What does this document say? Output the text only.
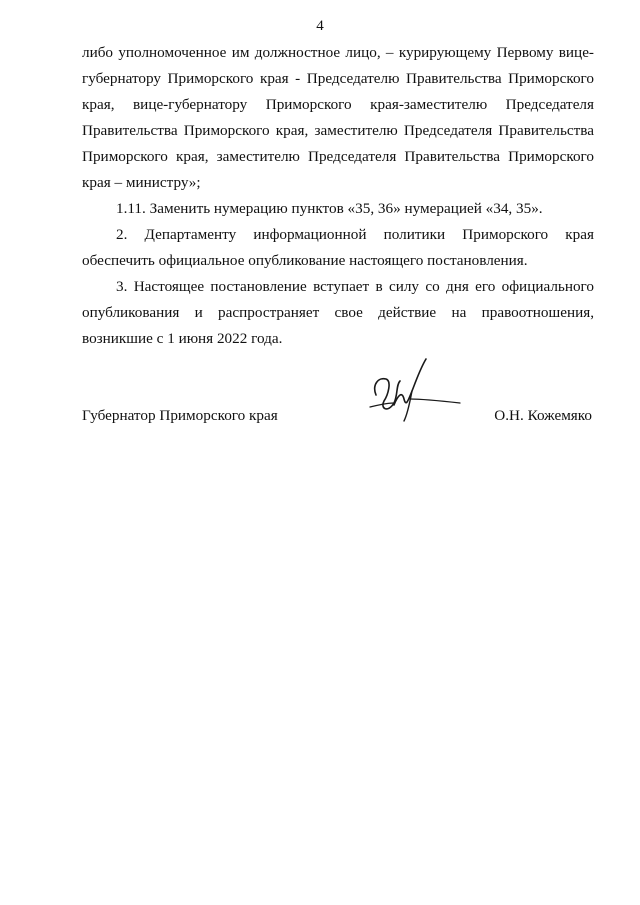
4

либо уполномоченное им должностное лицо, – курирующему Первому вице-
губернатору Приморского края - Председателю Правительства Приморского
края, вице-губернатору Приморского края-заместителю Председателя
Правительства Приморского края, заместителю Председателя Правительства
Приморского края, заместителю Председателя Правительства Приморского
края – министру»;

1.11. Заменить нумерацию пунктов «35, 36» нумерацией «34, 35».

2. Департаменту информационной политики Приморского края
обеспечить официальное опубликование настоящего постановления.

3. Настоящее постановление вступает в силу со дня его официального
опубликования и распространяет свое действие на правоотношения,
возникшие с 1 июня 2022 года.

Губернатор Приморского края	О.Н. Кожемяко
